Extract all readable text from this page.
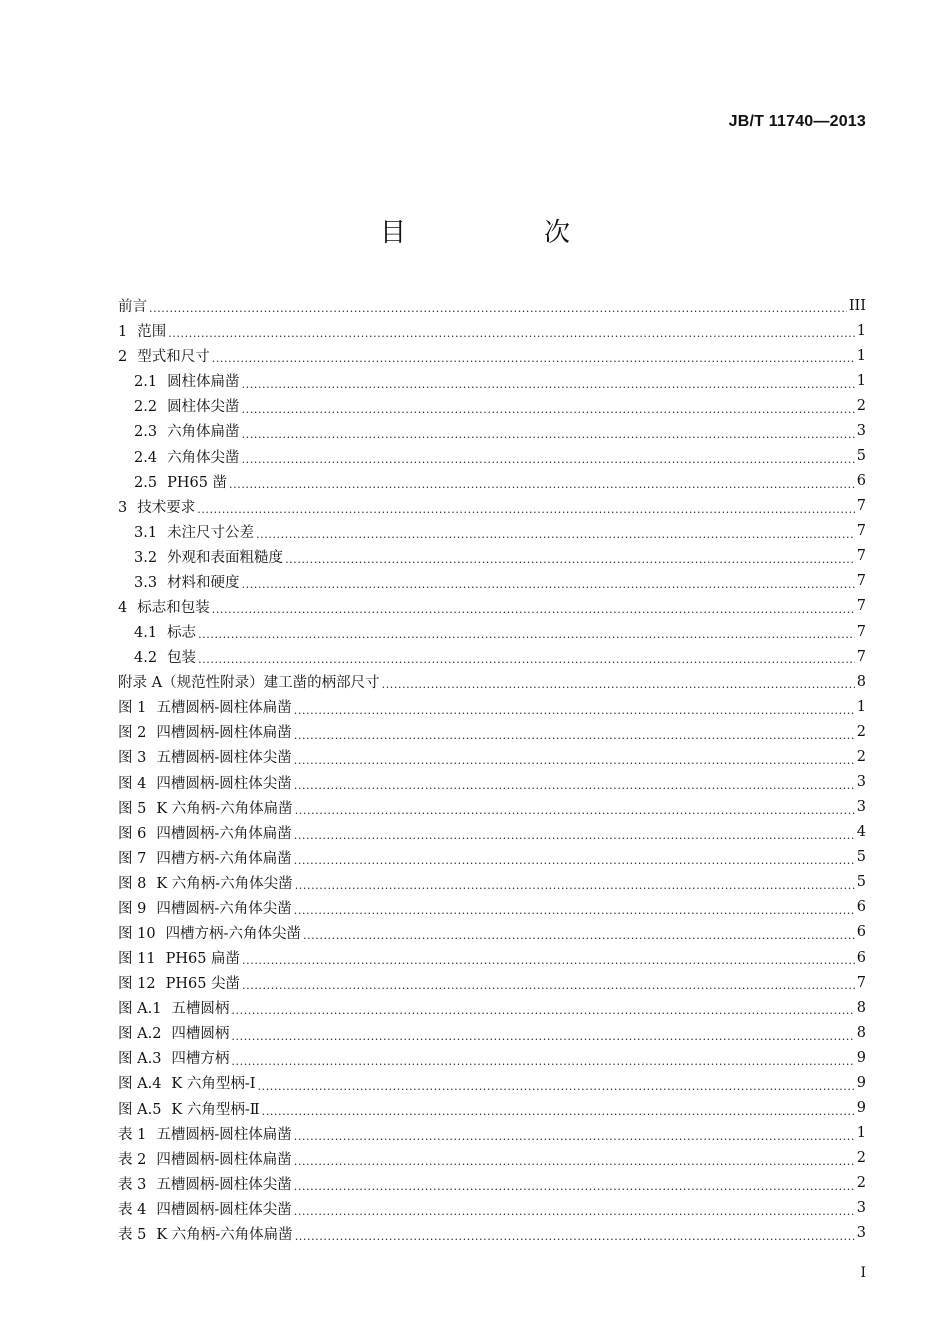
JB/T 11740—2013
目　次
前言 .....	III
1 范围 .....	1
2 型式和尺寸 .....	1
2.1 圆柱体扁凿 .....	1
2.2 圆柱体尖凿 .....	2
2.3 六角体扁凿 .....	3
2.4 六角体尖凿 .....	5
2.5 PH65 凿 .....	6
3 技术要求 .....	7
3.1 未注尺寸公差 .....	7
3.2 外观和表面粗糙度 .....	7
3.3 材料和硬度 .....	7
4 标志和包装 .....	7
4.1 标志 .....	7
4.2 包装 .....	7
附录 A（规范性附录）建工凿的柄部尺寸 .....	8
图 1 五槽圆柄-圆柱体扁凿 .....	1
图 2 四槽圆柄-圆柱体扁凿 .....	2
图 3 五槽圆柄-圆柱体尖凿 .....	2
图 4 四槽圆柄-圆柱体尖凿 .....	3
图 5 K 六角柄-六角体扁凿 .....	3
图 6 四槽圆柄-六角体扁凿 .....	4
图 7 四槽方柄-六角体扁凿 .....	5
图 8 K 六角柄-六角体尖凿 .....	5
图 9 四槽圆柄-六角体尖凿 .....	6
图 10 四槽方柄-六角体尖凿 .....	6
图 11 PH65 扁凿 .....	6
图 12 PH65 尖凿 .....	7
图 A.1 五槽圆柄 .....	8
图 A.2 四槽圆柄 .....	8
图 A.3 四槽方柄 .....	9
图 A.4 K 六角型柄-Ⅰ .....	9
图 A.5 K 六角型柄-Ⅱ .....	9
表 1 五槽圆柄-圆柱体扁凿 .....	1
表 2 四槽圆柄-圆柱体扁凿 .....	2
表 3 五槽圆柄-圆柱体尖凿 .....	2
表 4 四槽圆柄-圆柱体尖凿 .....	3
表 5 K 六角柄-六角体扁凿 .....	3
I
